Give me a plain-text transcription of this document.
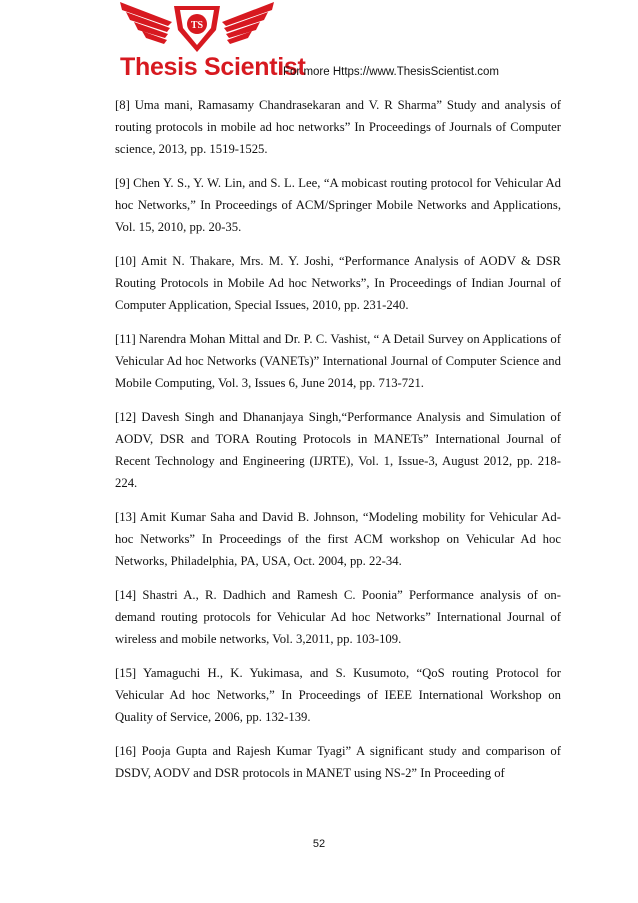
TS
Thesis Scientist
For more Https://www.ThesisScientist.com

[8] Uma mani, Ramasamy Chandrasekaran and V. R Sharma” Study and analysis of routing protocols in mobile ad hoc networks” In Proceedings of Journals of Computer science, 2013, pp. 1519-1525.

[9] Chen Y. S., Y. W. Lin, and S. L. Lee, “A mobicast routing protocol for Vehicular Ad hoc Networks,” In Proceedings of ACM/Springer Mobile Networks and Applications, Vol. 15, 2010, pp. 20-35.

[10] Amit N. Thakare, Mrs. M. Y. Joshi, “Performance Analysis of AODV & DSR Routing Protocols in Mobile Ad hoc Networks”, In Proceedings of Indian Journal of Computer Application, Special Issues, 2010, pp. 231-240.

[11] Narendra Mohan Mittal and Dr. P. C. Vashist, “ A Detail Survey on Applications of Vehicular Ad hoc Networks (VANETs)” International Journal of Computer Science and Mobile Computing, Vol. 3, Issues 6, June 2014, pp. 713-721.

[12] Davesh Singh and Dhananjaya Singh,“Performance Analysis and Simulation of AODV, DSR and TORA Routing Protocols in MANETs” International Journal of Recent Technology and Engineering (IJRTE), Vol. 1, Issue-3, August 2012, pp. 218-224.

[13] Amit Kumar Saha and David B. Johnson, “Modeling mobility for Vehicular Ad-hoc Networks” In Proceedings of the first ACM workshop on Vehicular Ad hoc Networks, Philadelphia, PA, USA, Oct. 2004, pp. 22-34.

[14] Shastri A., R. Dadhich and Ramesh C. Poonia” Performance analysis of on-demand routing protocols for Vehicular Ad hoc Networks” International Journal of wireless and mobile networks, Vol. 3,2011, pp. 103-109.

[15] Yamaguchi H., K. Yukimasa, and S. Kusumoto, “QoS routing Protocol for Vehicular Ad hoc Networks,” In Proceedings of IEEE International Workshop on Quality of Service, 2006, pp. 132-139.

[16] Pooja Gupta and Rajesh Kumar Tyagi” A significant study and comparison of DSDV, AODV and DSR protocols in MANET using NS-2” In Proceeding of

52
